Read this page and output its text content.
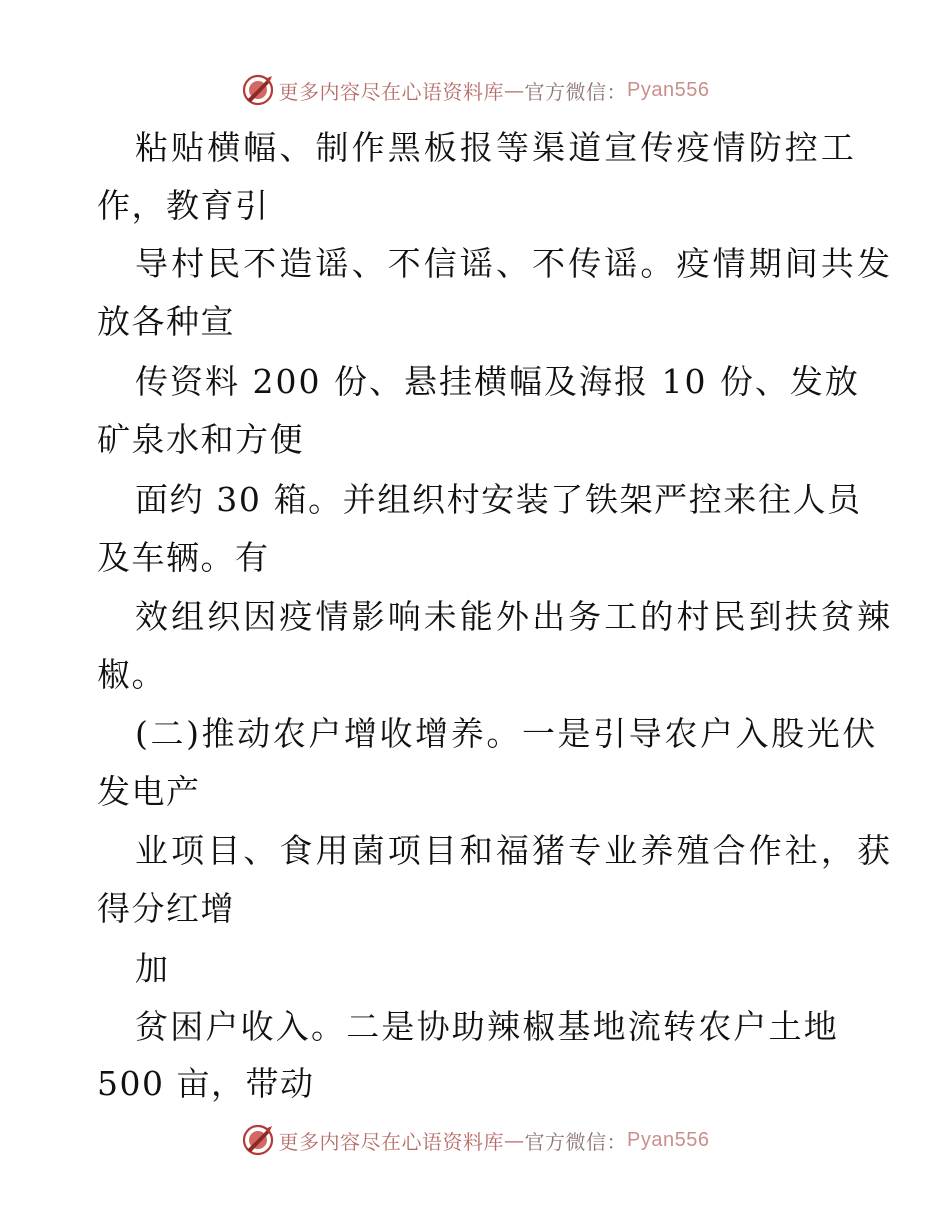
更多内容尽在心语资料库 — 官方微信： Pyan556
粘贴横幅、制作黑板报等渠道宣传疫情防控工
作，教育引
导村民不造谣、不信谣、不传谣。疫情期间共发
放各种宣
传资料 200 份、悬挂横幅及海报 10 份、发放
矿泉水和方便
面约 30 箱。并组织村安装了铁架严控来往人员
及车辆。有
效组织因疫情影响未能外出务工的村民到扶贫辣
椒。
(二)推动农户增收增养。一是引导农户入股光伏
发电产
业项目、食用菌项目和福猪专业养殖合作社，获
得分红增
加
贫困户收入。二是协助辣椒基地流转农户土地
500 亩，带动
更多内容尽在心语资料库 — 官方微信： Pyan556
